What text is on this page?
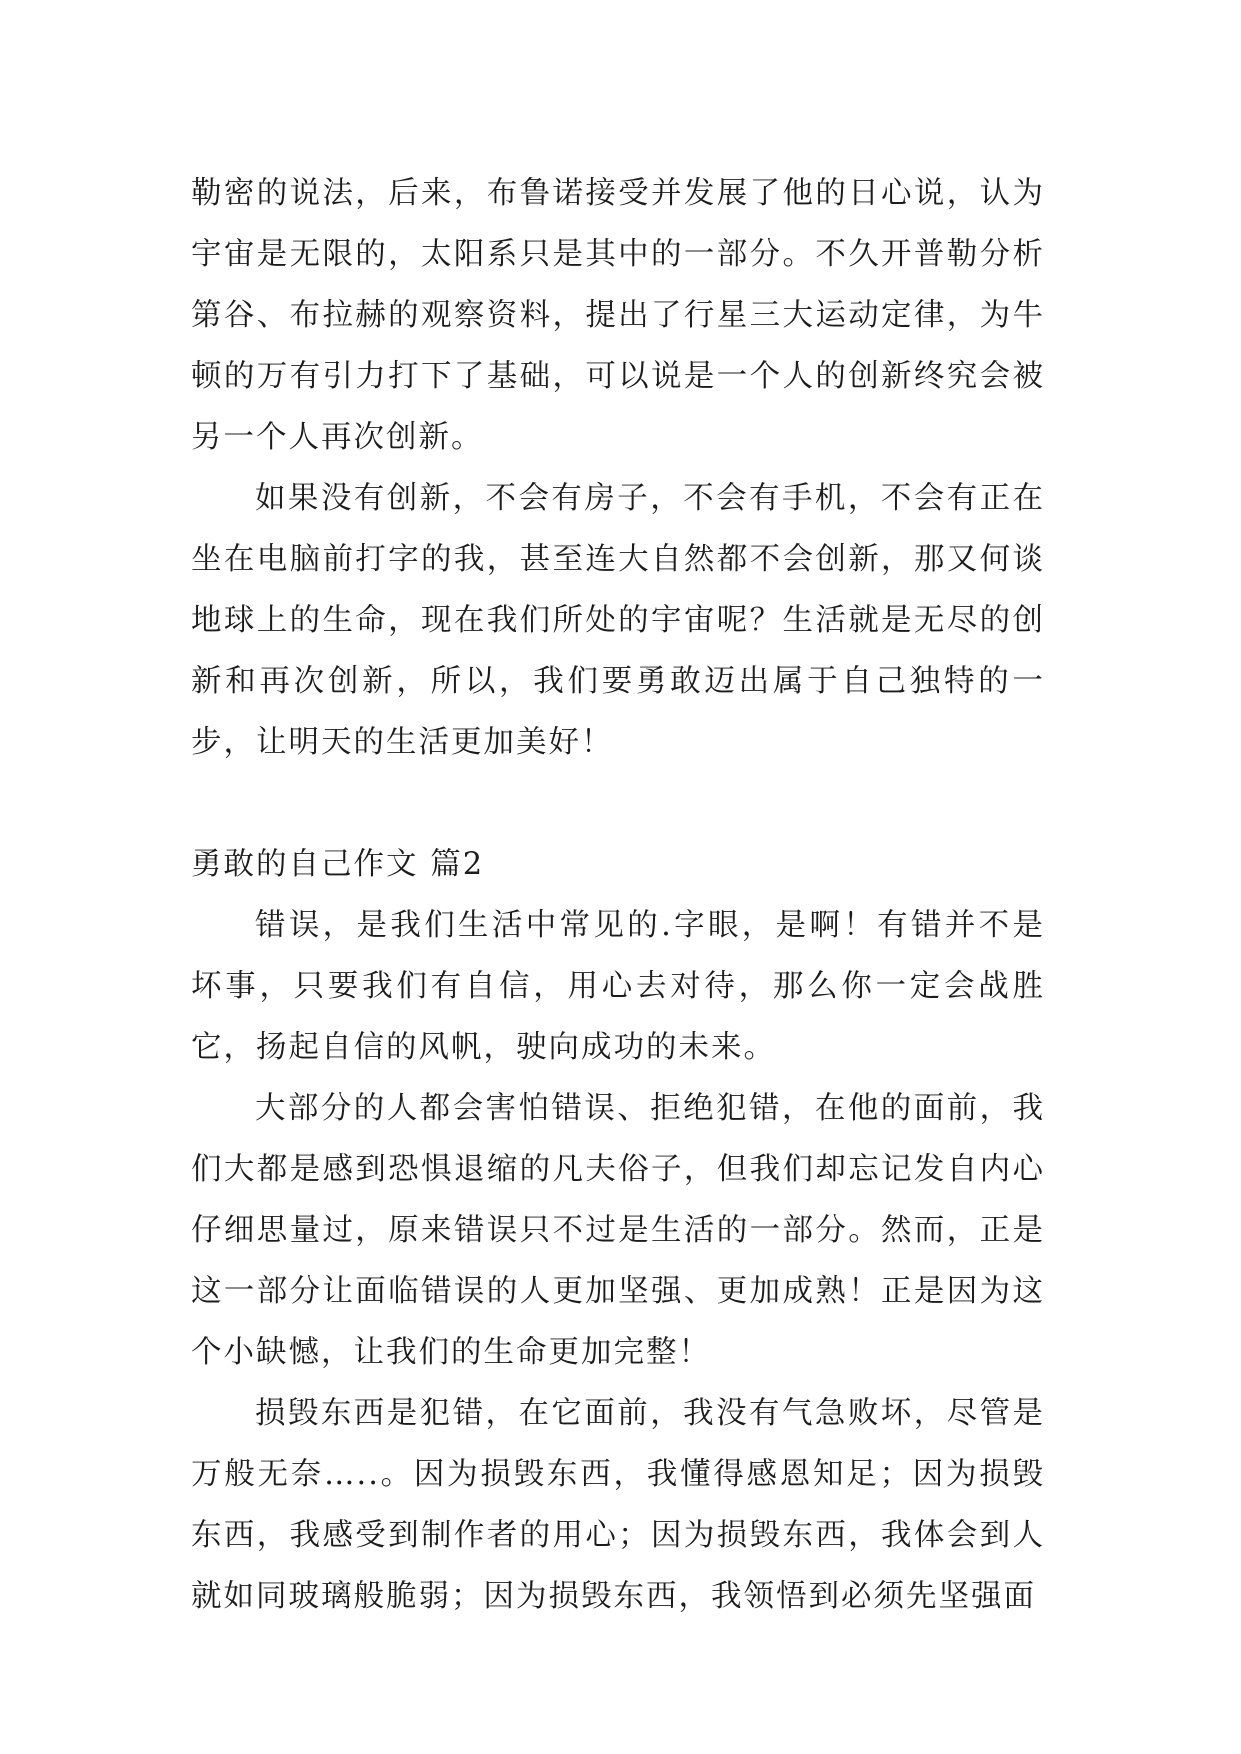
勒密的说法，后来，布鲁诺接受并发展了他的日心说，认为宇宙是无限的，太阳系只是其中的一部分。不久开普勒分析第谷、布拉赫的观察资料，提出了行星三大运动定律，为牛顿的万有引力打下了基础，可以说是一个人的创新终究会被另一个人再次创新。

如果没有创新，不会有房子，不会有手机，不会有正在坐在电脑前打字的我，甚至连大自然都不会创新，那又何谈地球上的生命，现在我们所处的宇宙呢？生活就是无尽的创新和再次创新，所以，我们要勇敢迈出属于自己独特的一步，让明天的生活更加美好！

勇敢的自己作文 篇2

错误，是我们生活中常见的.字眼，是啊！有错并不是坏事，只要我们有自信，用心去对待，那么你一定会战胜它，扬起自信的风帆，驶向成功的未来。

大部分的人都会害怕错误、拒绝犯错，在他的面前，我们大都是感到恐惧退缩的凡夫俗子，但我们却忘记发自内心仔细思量过，原来错误只不过是生活的一部分。然而，正是这一部分让面临错误的人更加坚强、更加成熟！正是因为这个小缺憾，让我们的生命更加完整！

损毁东西是犯错，在它面前，我没有气急败坏，尽管是万般无奈…..。因为损毁东西，我懂得感恩知足；因为损毁东西，我感受到制作者的用心；因为损毁东西，我体会到人就如同玻璃般脆弱；因为损毁东西，我领悟到必须先坚强面
